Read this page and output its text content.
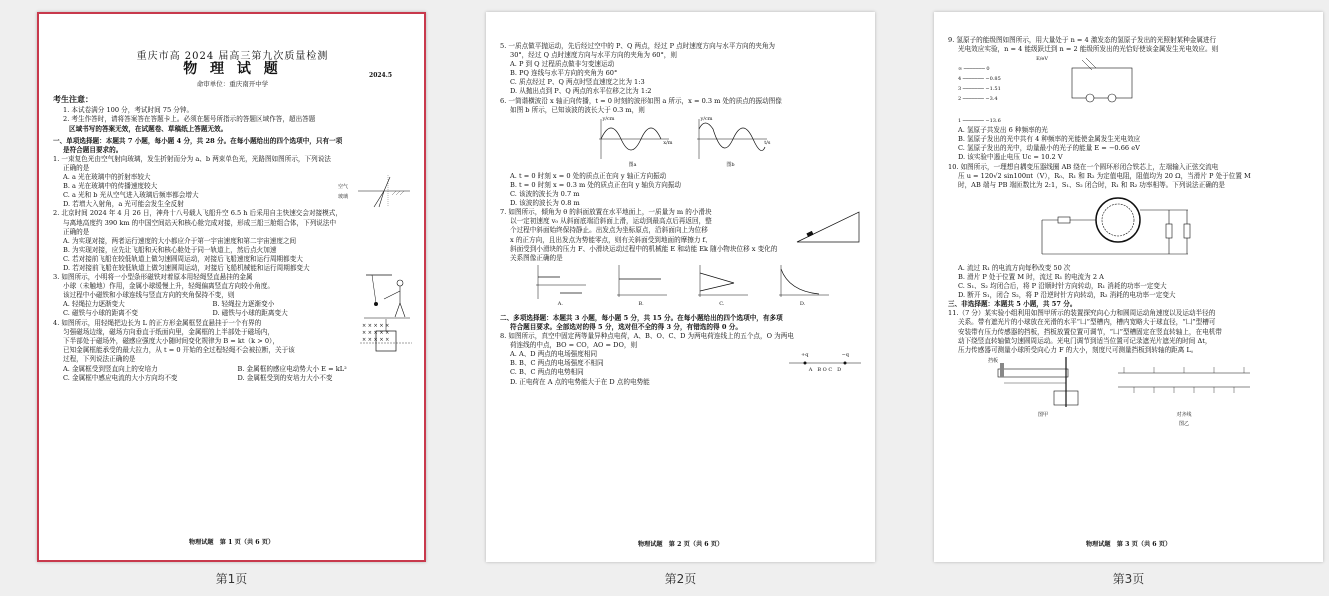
重庆市高 2024 届高三第九次质量检测
物 理 试 题	2024.5
命审单位：重庆南开中学
考生注意：
1. 本试卷满分 100 分，考试时间 75 分钟。
2. 考生作答时，请将答案答在答题卡上。必须在题号所指示的答题区域作答，超出答题
区域书写的答案无效，在试题卷、草稿纸上答题无效。
一、单项选择题：本题共 7 小题，每小题 4 分，共 28 分。在每小题给出的四个选项中，只有一项
是符合题目要求的。
1. 一束复色光由空气射向玻璃，发生折射而分为 a、b 两束单色光，光路图如图所示，下列说法
正确的是
A. a 光在玻璃中的折射率较大
B. a 光在玻璃中的传播速度较大
C. a 光和 b 光从空气进入玻璃后频率都会增大
D. 若增大入射角，a 光可能会发生全反射
空气
玻璃
2. 北京时间 2024 年 4 月 26 日，神舟十八号载人飞船升空 6.5 h 后采用自主快速交会对接模式，
与离地高度约 390 km 的中国空间站天和核心舱完成对接，形成三船三舱组合体，下列说法中
正确的是
A. 为实现对接，两者运行速度的大小都应介于第一宇宙速度和第二宇宙速度之间
B. 为实现对接，应先让飞船和天和核心舱处于同一轨道上，然后点火加速
C. 若对接前飞船在较低轨道上做匀速圆周运动，对接后飞船速度和运行周期都变大
D. 若对接前飞船在较低轨道上做匀速圆周运动，对接后飞船机械能和运行周期都变大
3. 如图所示，小明将一小型条形磁铁对着原本用轻绳竖直悬挂的金属
小球（未触地）作用，金属小球缓慢上升，轻绳偏离竖直方向较小角度。
该过程中小磁铁和小球连线与竖直方向的夹角保持不变，则
A. 轻绳拉力逐渐变大	B. 轻绳拉力逐渐变小
C. 磁铁与小球的距离不变	D. 磁铁与小球的距离变大
4. 如图所示，用轻绳把边长为 L 的正方形金属框竖直悬挂于一个有界的
匀强磁场边缘，磁场方向垂直于纸面向里，金属框的上半部处于磁场内，
下半部处于磁场外，磁感应强度大小随时间变化规律为 B = kt（k > 0），
已知金属框能承受的最大拉力，从 t = 0 开始的全过程轻绳不会被拉断，关于该
过程，下列说法正确的是
× × × × ×
× × × × ×
× × × × ×
A. 金属框受到竖直向上的安培力	B. 金属框的感应电动势大小 E = kL²
C. 金属框中感应电流的大小方向均不变	D. 金属框受到的安培力大小不变
物理试题　第 1 页（共 6 页）
第1页
5. 一质点做平抛运动，先后经过空中的 P、Q 两点，经过 P 点时速度方向与水平方向的夹角为
30°，经过 Q 点时速度方向与水平方向的夹角为 60°，则
A. P 到 Q 过程质点做非匀变速运动
B. PQ 连线与水平方向的夹角为 60°
C. 质点经过 P、Q 两点时竖直速度之比为 1:3
D. 从抛出点到 P、Q 两点的水平位移之比为 1:2
6. 一简谐横波沿 x 轴正向传播，t = 0 时刻的波形如图 a 所示，x = 0.3 m 处的质点的振动图像
如图 b 所示，已知该波的波长大于 0.3 m，则
y/cm
x/m
图a
y/cm
t/s
图b
A. t = 0 时刻 x = 0 处的质点正在向 y 轴正方向振动
B. t = 0 时刻 x = 0.3 m 处的质点正在向 y 轴负方向振动
C. 该波的波长为 0.7 m
D. 该波的波长为 0.8 m
7. 如图所示，倾角为 θ 的斜面放置在水平地面上，一质量为 m 的小滑块
以一定初速度 v₀ 从斜面底端沿斜面上滑，运动到最高点后再返回，整
个过程中斜面始终保持静止。出发点为坐标原点，沿斜面向上为位移
x 的正方向，且出发点为势能零点，则有关斜面受到地面的摩擦力 f、
斜面受到小滑块的压力 F、小滑块运动过程中的机械能 E 和动能 Ek 随小物块位移 x 变化的
关系图像正确的是
A.	B.	C.	D.
二、多项选择题：本题共 3 小题，每小题 5 分，共 15 分。在每小题给出的四个选项中，有多项
符合题目要求。全部选对的得 5 分，选对但不全的得 3 分，有错选的得 0 分。
8. 如图所示，真空中固定两等量异种点电荷，A、B、O、C、D 为两电荷连线上的五个点，O 为两电
荷连线的中点，BO = CO，AO = DO，则
A. A、D 两点的电场强度相同
B. B、C 两点的电场强度不相同
C. B、C 两点的电势相同
D. 正电荷在 A 点的电势能大于在 D 点的电势能
+q	−q
A　B O C　D
物理试题　第 2 页（共 6 页）
第2页
9. 氢原子的能级图如图所示，用大量处于 n = 4 激发态的氢原子发出的光照射某种金属进行
光电效应实验，n = 4 能级跃迁到 n = 2 能级所发出的光恰好使该金属发生光电效应。则
E/eV
∞ ─────── 0
4 ─────── −0.85
3 ─────── −1.51
2 ─────── −3.4
1 ─────── −13.6
A. 氢原子共发出 6 种频率的光
B. 氢原子发出的光中共有 4 种频率的光能使金属发生光电效应
C. 氢原子发出的光中，动量最小的光子的能量 E = −0.66 eV
D. 该实验中遏止电压 Uc = 10.2 V
10. 如图所示，一理想自耦变压器线圈 AB 绕在一个圆环形闭合铁芯上，左端输入正弦交流电
压 u = 120√2 sin100πt（V），R₀、R₁ 和 R₂ 为定值电阻，阻值均为 20 Ω，当滑片 P 处于位置 M
时，AB 端与 PB 端匝数比为 2:1，S₁、S₂ 闭合时，R₁ 和 R₂ 功率相等。下列说法正确的是
A. 流过 R₁ 的电流方向每秒改变 50 次
B. 滑片 P 处于位置 M 时，流过 R₁ 的电流为 2 A
C. S₁、S₂ 均闭合后，将 P 沿顺时针方向转动，R₁ 消耗的功率一定变大
D. 断开 S₁，闭合 S₂，将 P 沿逆时针方向转动，R₂ 消耗的电功率一定变大
三、非选择题：本题共 5 小题，共 57 分。
11.（7 分）某实验小组利用如图甲所示的装置探究向心力和圆周运动角速度以及运动半径的
关系。带有遮光片的小球放在光滑的水平“凵”型槽内，槽内宽略大于球直径，“凵”型槽可
安装带有压力传感器的挡板，挡板放置位置可调节，“凵”型槽固定在竖直转轴上，在电机带
动下绕竖直转轴做匀速圆周运动。光电门调节到适当位置可记录遮光片遮光的时间 Δt，
压力传感器可测量小球所受向心力 F 的大小，刻度尺可测量挡板到转轴的距离 L。
挡板
图甲	对齐线
图乙
物理试题　第 3 页（共 6 页）
第3页
